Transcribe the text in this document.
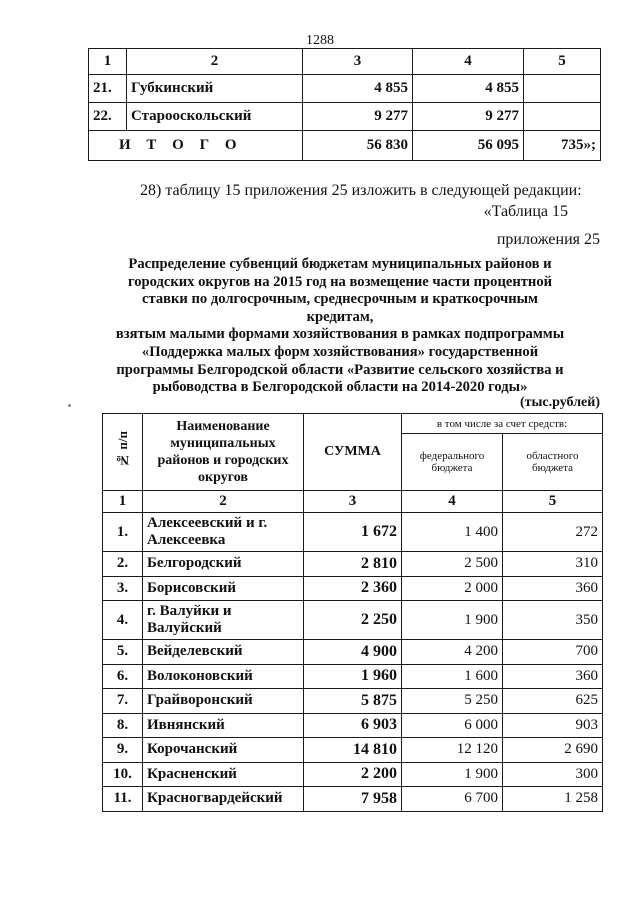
1288
1	2	3	4	5
21.	Губкинский	4 855	4 855	
22.	Старооскольский	9 277	9 277	
И Т О Г О		56 830	56 095	735»;
28) таблицу 15 приложения 25 изложить в следующей редакции:
«Таблица 15
приложения 25
Распределение субвенций бюджетам муниципальных районов и
городских округов на 2015 год на возмещение части процентной
ставки по долгосрочным, среднесрочным и краткосрочным кредитам,
взятым малыми формами хозяйствования в рамках подпрограммы
«Поддержка малых форм хозяйствования» государственной
программы Белгородской области «Развитие сельского хозяйства и
рыбоводства в Белгородской области на 2014-2020 годы»
(тыс.рублей)
№ п/п	Наименование муниципальных районов и городских округов	СУММА	в том числе за счет средств:	
			федерального бюджета	областного бюджета
1	2	3	4	5
1.	Алексеевский и г. Алексеевка	1 672	1 400	272
2.	Белгородский	2 810	2 500	310
3.	Борисовский	2 360	2 000	360
4.	г. Валуйки и Валуйский	2 250	1 900	350
5.	Вейделевский	4 900	4 200	700
6.	Волоконовский	1 960	1 600	360
7.	Грайворонский	5 875	5 250	625
8.	Ивнянский	6 903	6 000	903
9.	Корочанский	14 810	12 120	2 690
10.	Красненский	2 200	1 900	300
11.	Красногвардейский	7 958	6 700	1 258
